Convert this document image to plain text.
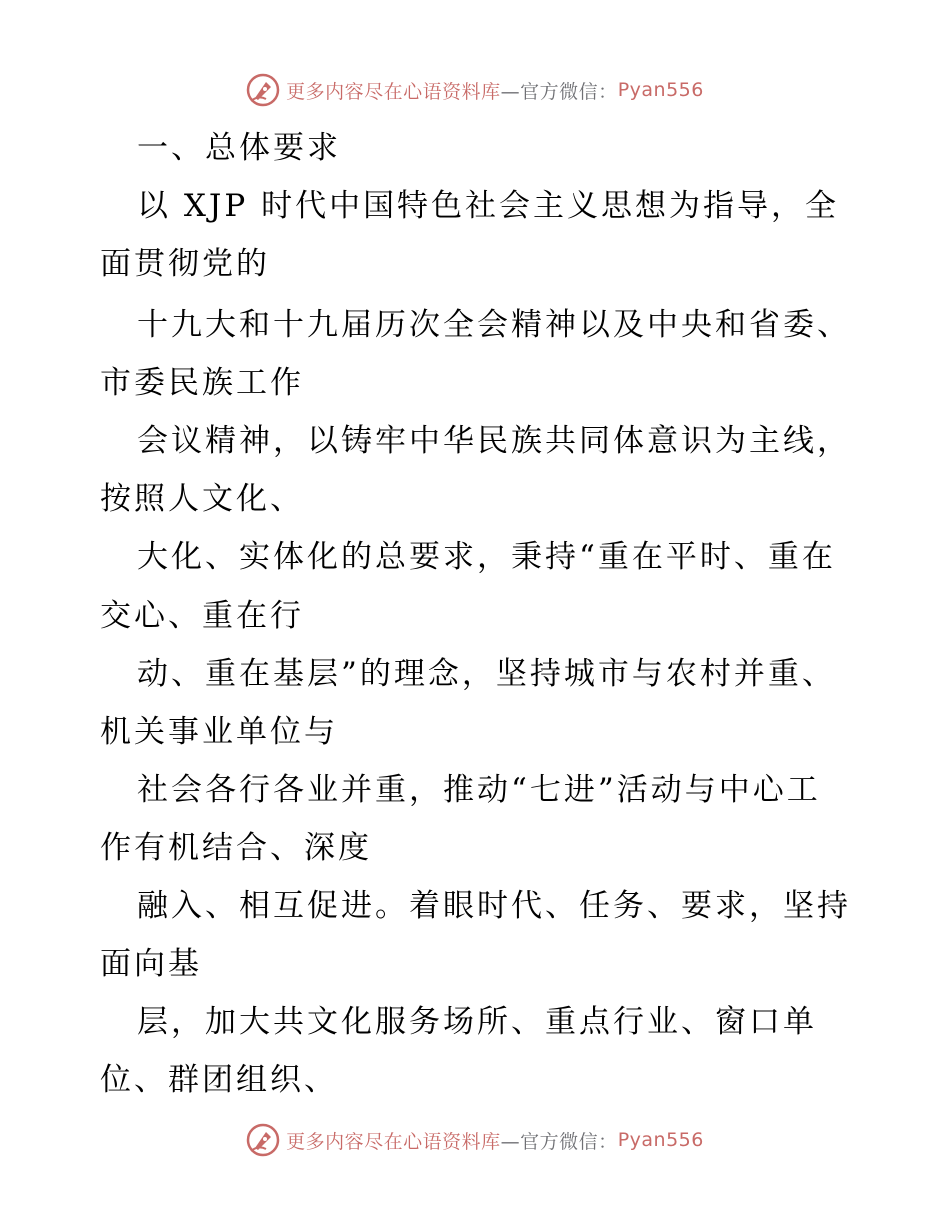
更多内容尽在心语资料库 —官方微信： Pyan556
一、总体要求
以 XJP 时代中国特色社会主义思想为指导，全
面贯彻党的
十九大和十九届历次全会精神以及中央和省委、
市委民族工作
会议精神，以铸牢中华民族共同体意识为主线，
按照人文化、
大化、实体化的总要求，秉持“重在平时、重在
交心、重在行
动、重在基层”的理念，坚持城市与农村并重、
机关事业单位与
社会各行各业并重，推动“七进”活动与中心工
作有机结合、深度
融入、相互促进。着眼时代、任务、要求，坚持
面向基
层，加大共文化服务场所、重点行业、窗口单
位、群团组织、
更多内容尽在心语资料库 —官方微信： Pyan556
